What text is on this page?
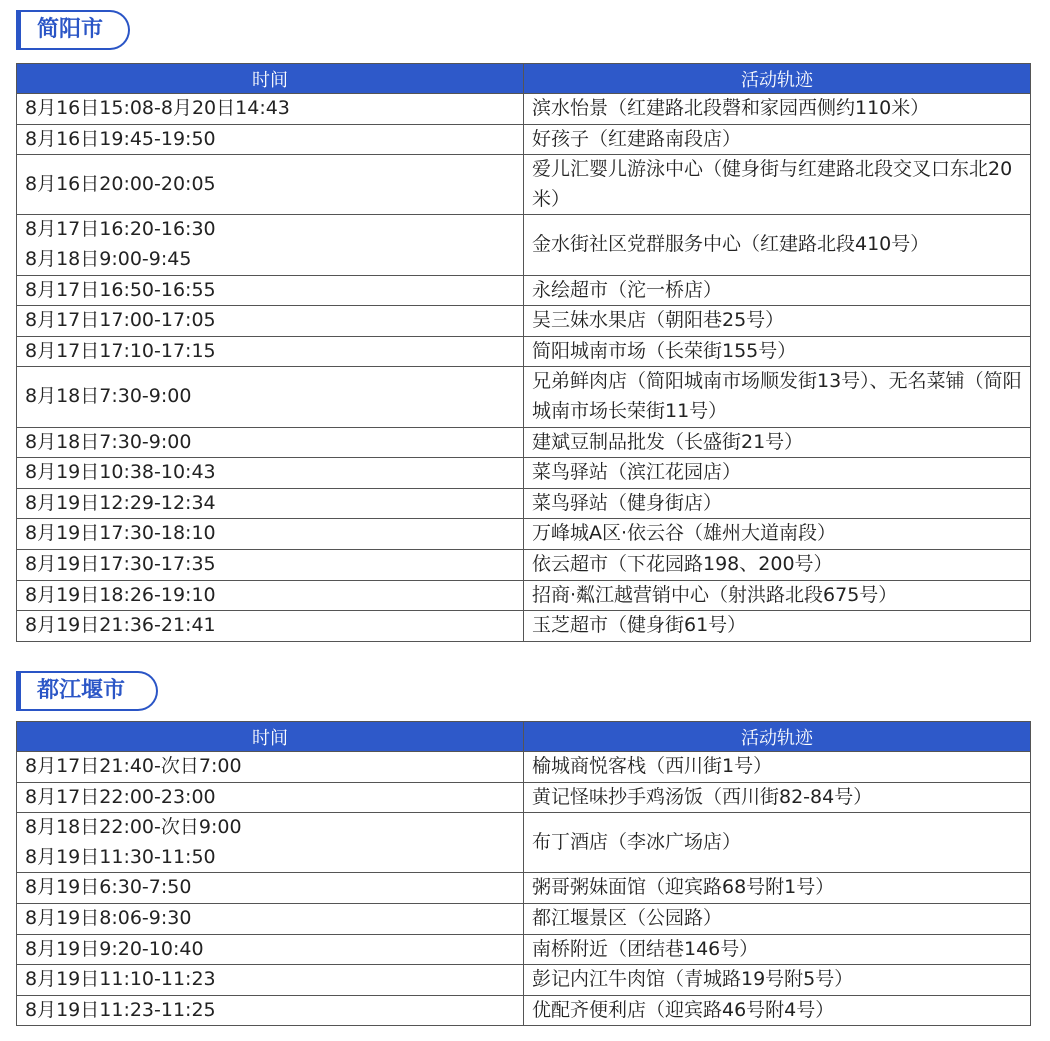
简阳市
时间	活动轨迹

8月16日15:08-8月20日14:43	滨水怡景（红建路北段磬和家园西侧约110米）

8月16日19:45-19:50	好孩子（红建路南段店）

8月16日20:00-20:05	爱儿汇婴儿游泳中心（健身街与红建路北段交叉口东北20米）

8月17日16:20-16:30
8月18日9:00-9:45	金水街社区党群服务中心（红建路北段410号）

8月17日16:50-16:55	永绘超市（沱一桥店）

8月17日17:00-17:05	吴三妹水果店（朝阳巷25号）

8月17日17:10-17:15	简阳城南市场（长荣街155号）

8月18日7:30-9:00	兄弟鲜肉店（简阳城南市场顺发街13号）、无名菜铺（简阳城南市场长荣街11号）

8月18日7:30-9:00	建斌豆制品批发（长盛街21号）

8月19日10:38-10:43	菜鸟驿站（滨江花园店）

8月19日12:29-12:34	菜鸟驿站（健身街店）

8月19日17:30-18:10	万峰城A区·依云谷（雄州大道南段）

8月19日17:30-17:35	依云超市（下花园路198、200号）

8月19日18:26-19:10	招商·粼江越营销中心（射洪路北段675号）

8月19日21:36-21:41	玉芝超市（健身街61号）
都江堰市
时间	活动轨迹

8月17日21:40-次日7:00	榆城商悦客栈（西川街1号）

8月17日22:00-23:00	黄记怪味抄手鸡汤饭（西川街82-84号）

8月18日22:00-次日9:00
8月19日11:30-11:50	布丁酒店（李冰广场店）

8月19日6:30-7:50	粥哥粥妹面馆（迎宾路68号附1号）

8月19日8:06-9:30	都江堰景区（公园路）

8月19日9:20-10:40	南桥附近（团结巷146号）

8月19日11:10-11:23	彭记内江牛肉馆（青城路19号附5号）

8月19日11:23-11:25	优配齐便利店（迎宾路46号附4号）
